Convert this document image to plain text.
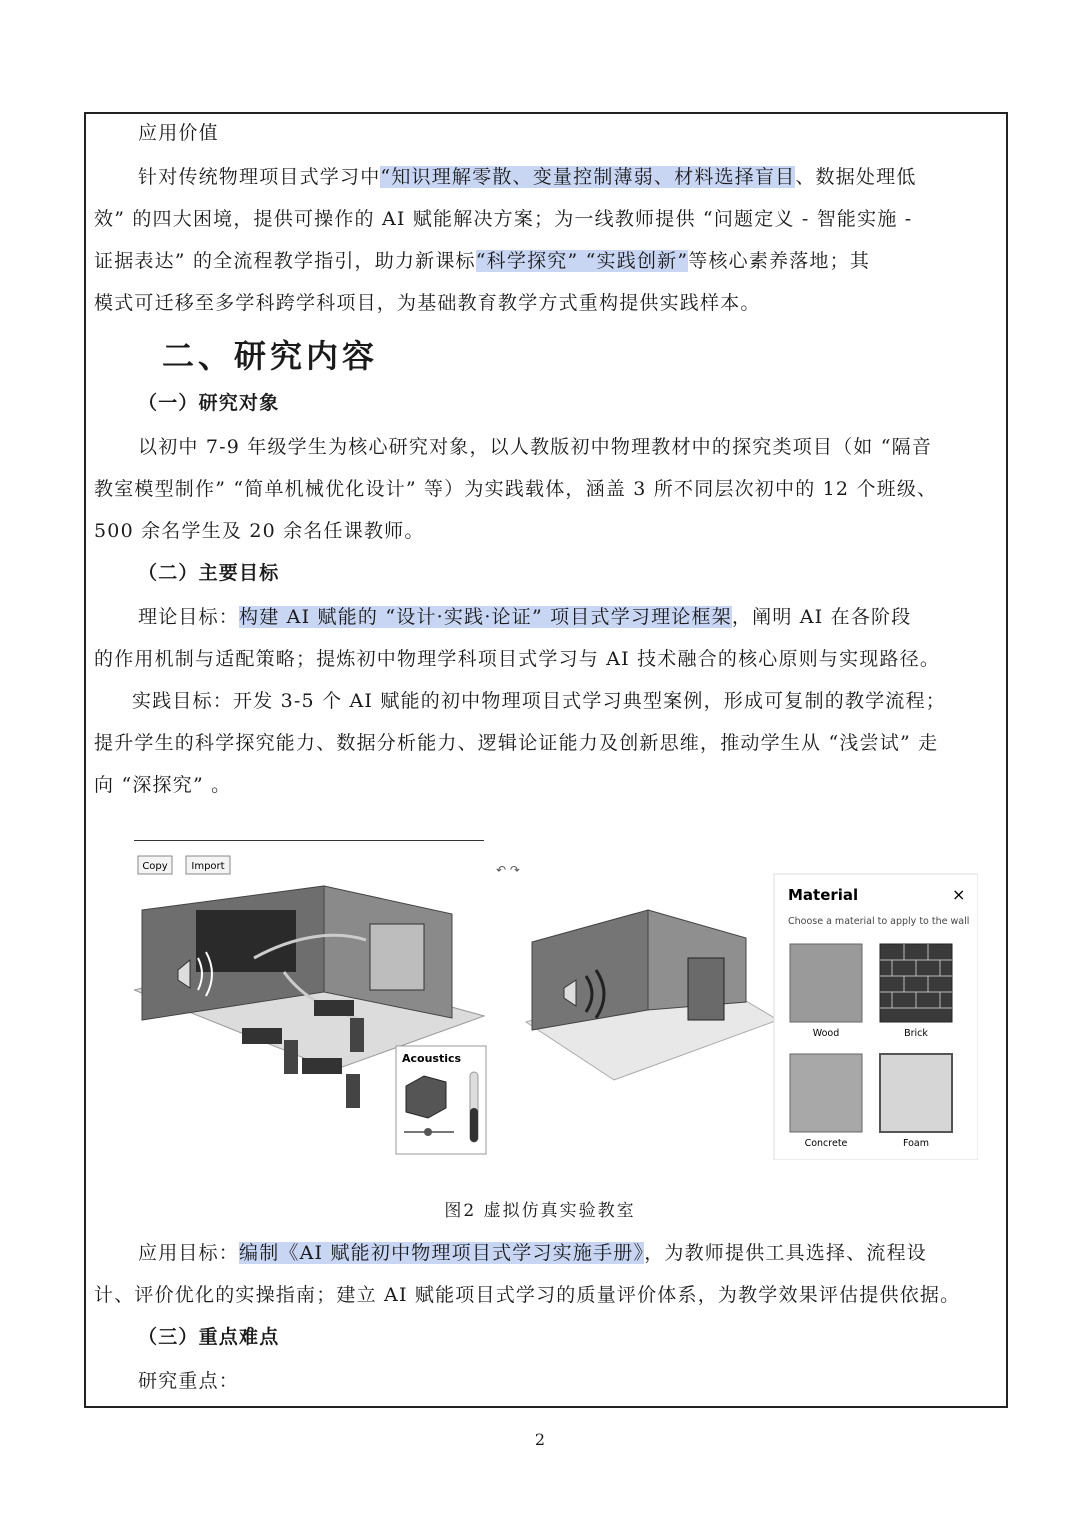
应用价值
针对传统物理项目式学习中“知识理解零散、变量控制薄弱、材料选择盲目、数据处理低
效” 的四大困境，提供可操作的 AI 赋能解决方案；为一线教师提供 “问题定义 - 智能实施 -
证据表达” 的全流程教学指引，助力新课标“科学探究” “实践创新”等核心素养落地；其
模式可迁移至多学科跨学科项目，为基础教育教学方式重构提供实践样本。
二、研究内容
（一）研究对象
以初中 7-9 年级学生为核心研究对象，以人教版初中物理教材中的探究类项目（如 “隔音
教室模型制作” “简单机械优化设计” 等）为实践载体，涵盖 3 所不同层次初中的 12 个班级、
500 余名学生及 20 余名任课教师。
（二）主要目标
理论目标：构建 AI 赋能的 “设计·实践·论证” 项目式学习理论框架，阐明 AI 在各阶段
的作用机制与适配策略；提炼初中物理学科项目式学习与 AI 技术融合的核心原则与实现路径。
实践目标：开发 3-5 个 AI 赋能的初中物理项目式学习典型案例，形成可复制的教学流程；
提升学生的科学探究能力、数据分析能力、逻辑论证能力及创新思维，推动学生从 “浅尝试” 走
向 “深探究” 。
Copy Import
Acoustics
↶ ↷
Material	×
Choose a material to apply to the wall
Wood	Brick
Concrete	Foam
图2 虚拟仿真实验教室
应用目标：编制《AI 赋能初中物理项目式学习实施手册》，为教师提供工具选择、流程设
计、评价优化的实操指南；建立 AI 赋能项目式学习的质量评价体系，为教学效果评估提供依据。
（三）重点难点
研究重点：
2
